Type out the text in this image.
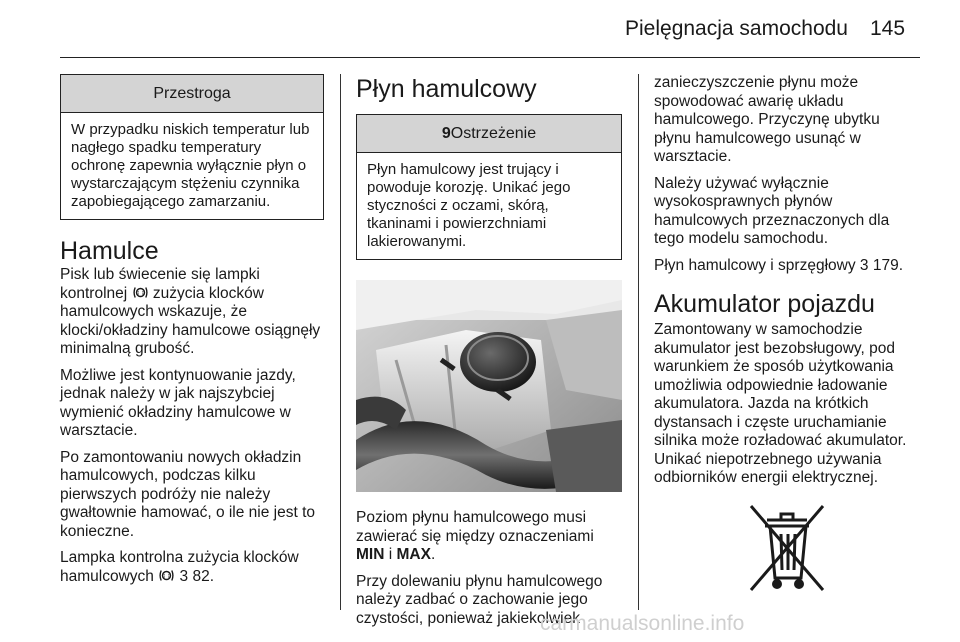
Pielęgnacja samochodu 145
Przestroga
W przypadku niskich temperatur lub nagłego spadku temperatury ochronę zapewnia wyłącznie płyn o wystarczającym stężeniu czynnika zapobiegającego zamarzaniu.
Hamulce

Pisk lub świecenie się lampki kontrolnej zużycia klocków hamulcowych wskazuje, że klocki/okładziny hamulcowe osiągnęły minimalną grubość.

Możliwe jest kontynuowanie jazdy, jednak należy w jak najszybciej wymienić okładziny hamulcowe w warsztacie.

Po zamontowaniu nowych okładzin hamulcowych, podczas kilku pierwszych podróży nie należy gwałtownie hamować, o ile nie jest to konieczne.

Lampka kontrolna zużycia klocków hamulcowych 3 82.

Płyn hamulcowy
9Ostrzeżenie
Płyn hamulcowy jest trujący i powoduje korozję. Unikać jego styczności z oczami, skórą, tkaninami i powierzchniami lakierowanymi.

Poziom płynu hamulcowego musi zawierać się między oznaczeniami MIN i MAX.

Przy dolewaniu płynu hamulcowego należy zadbać o zachowanie jego czystości, ponieważ jakiekolwiek

zanieczyszczenie płynu może spowodować awarię układu hamulcowego. Przyczynę ubytku płynu hamulcowego usunąć w warsztacie.

Należy używać wyłącznie wysokosprawnych płynów hamulcowych przeznaczonych dla tego modelu samochodu.

Płyn hamulcowy i sprzęgłowy 3 179.

Akumulator pojazdu

Zamontowany w samochodzie akumulator jest bezobsługowy, pod warunkiem że sposób użytkowania umożliwia odpowiednie ładowanie akumulatora. Jazda na krótkich dystansach i częste uruchamianie silnika może rozładować akumulator. Unikać niepotrzebnego używania odbiorników energii elektrycznej.

carmanualsonline.info
